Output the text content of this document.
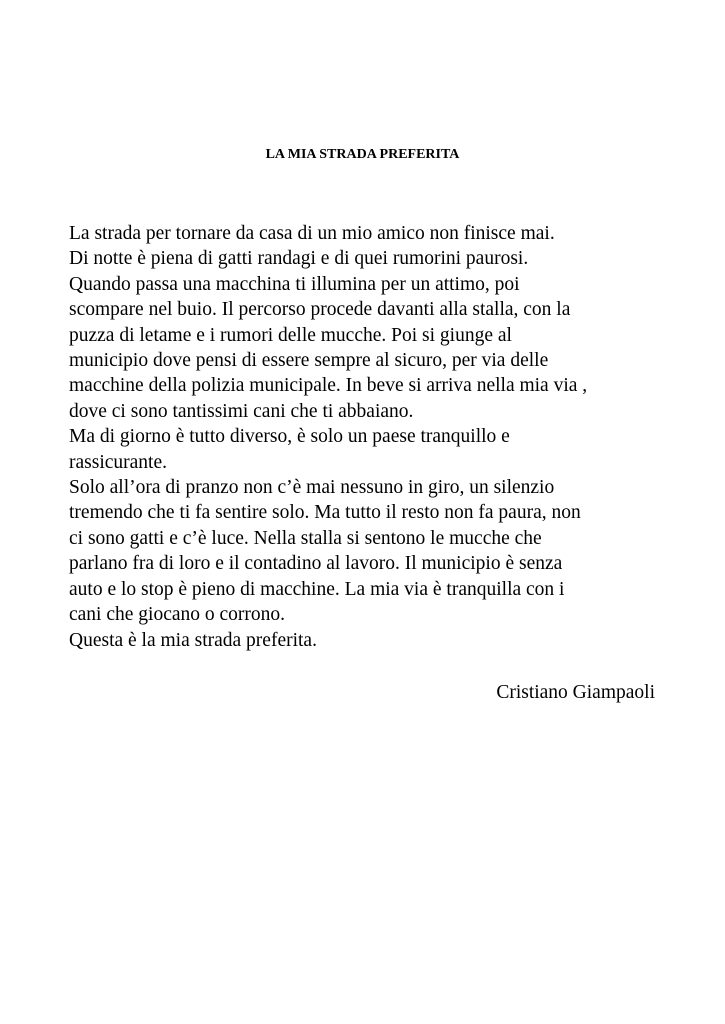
LA MIA STRADA PREFERITA
La strada per tornare da casa di un mio amico non finisce mai.
Di notte è piena di gatti randagi e di quei rumorini paurosi.
Quando passa una macchina ti illumina per un attimo, poi
scompare nel buio. Il percorso procede davanti alla stalla, con la
puzza di letame e i rumori delle mucche. Poi si giunge al
municipio dove pensi di essere sempre al sicuro, per via delle
macchine della polizia municipale. In beve si arriva nella mia via ,
dove ci sono tantissimi cani che ti abbaiano.
Ma di giorno è tutto diverso, è solo un paese tranquillo e
rassicurante.
Solo all’ora di pranzo non c’è mai nessuno in giro, un silenzio
tremendo che ti fa sentire solo. Ma tutto il resto non fa paura, non
ci sono gatti e c’è luce. Nella stalla si sentono le mucche che
parlano fra di loro e il contadino al lavoro. Il municipio è senza
auto e lo stop è pieno di macchine. La mia via è tranquilla con i
cani che giocano o corrono.
Questa è la mia strada preferita.
Cristiano Giampaoli
